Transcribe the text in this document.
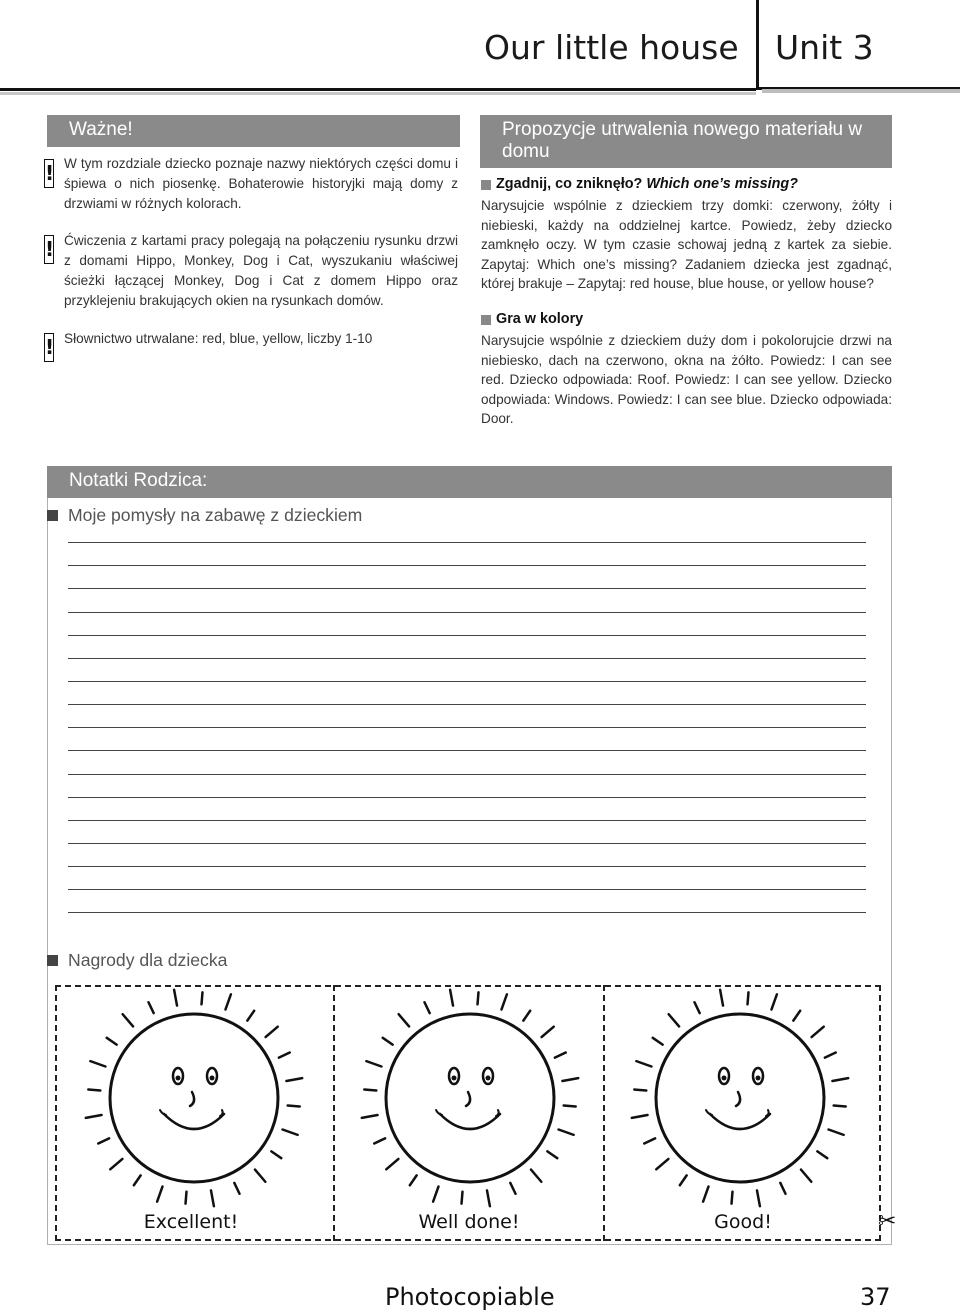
Our little house Unit 3
Ważne!
! W tym rozdziale dziecko poznaje nazwy niektórych części domu i śpiewa o nich piosenkę. Bohaterowie historyjki mają domy z drzwiami w różnych kolorach.
! Ćwiczenia z kartami pracy polegają na połączeniu rysunku drzwi z domami Hippo, Monkey, Dog i Cat, wyszukaniu właściwej ścieżki łączącej Monkey, Dog i Cat z domem Hippo oraz przyklejeniu brakujących okien na rysunkach domów.
! Słownictwo utrwalane: red, blue, yellow, liczby 1-10
Propozycje utrwalenia nowego materiału w domu
Zgadnij, co zniknęło? Which one’s missing?
Narysujcie wspólnie z dzieckiem trzy domki: czerwony, żółty i niebieski, każdy na oddzielnej kartce. Powiedz, żeby dziecko zamknęło oczy. W tym czasie schowaj jedną z kartek za siebie. Zapytaj: Which one’s missing? Zadaniem dziecka jest zgadnąć, której brakuje – Zapytaj: red house, blue house, or yellow house?
Gra w kolory
Narysujcie wspólnie z dzieckiem duży dom i pokolorujcie drzwi na niebiesko, dach na czerwono, okna na żółto. Powiedz: I can see red. Dziecko odpowiada: Roof. Powiedz: I can see yellow. Dziecko odpowiada: Windows. Powiedz: I can see blue. Dziecko odpowiada: Door.
Notatki Rodzica:
Moje pomysły na zabawę z dzieckiem
Nagrody dla dziecka
Excellent!	Well done!	Good!	✂
Photocopiable	37
